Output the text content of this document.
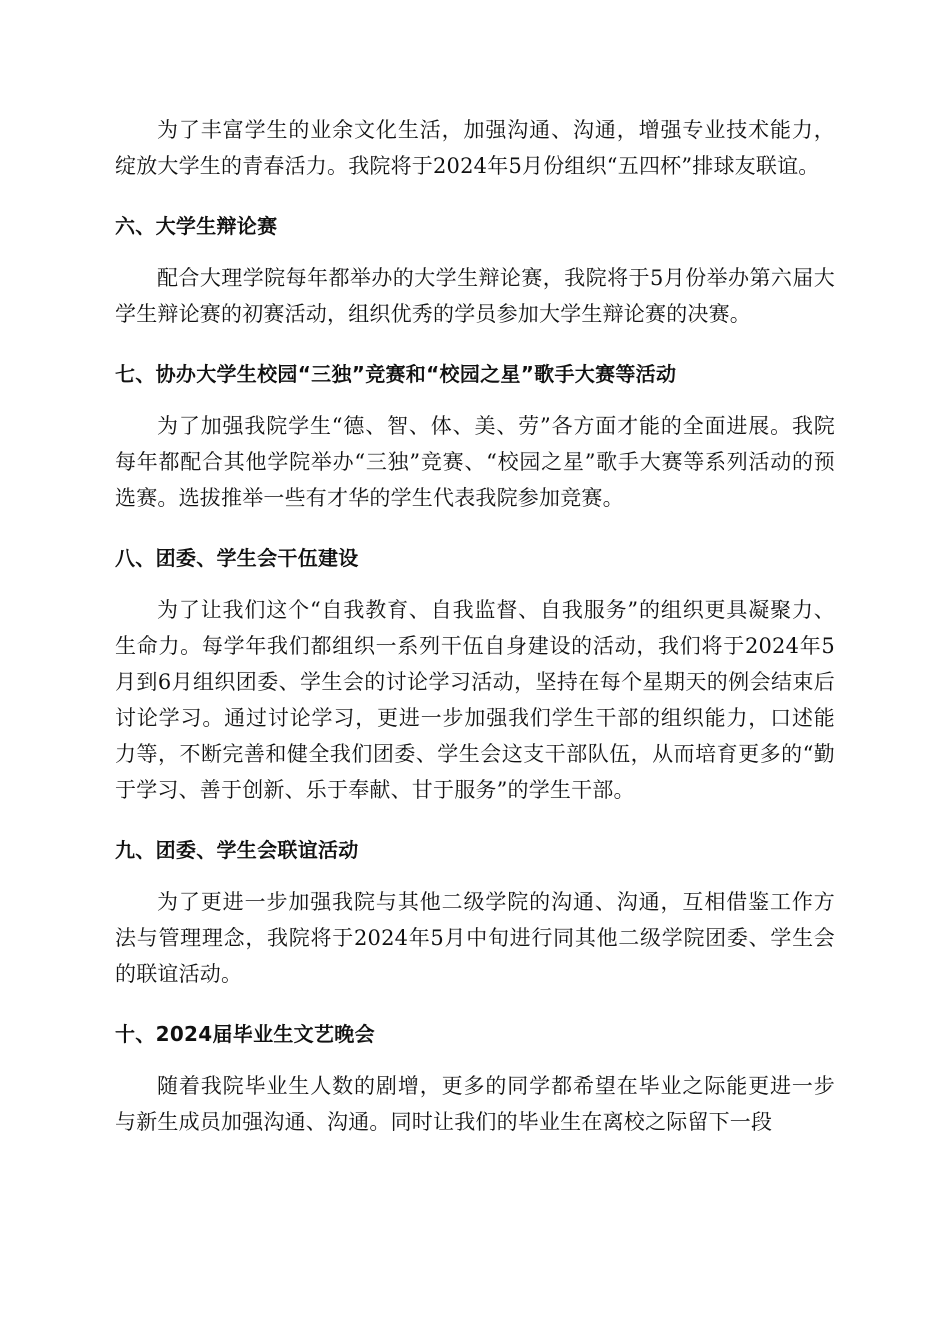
为了丰富学生的业余文化生活，加强沟通、沟通，增强专业技术能力，绽放大学生的青春活力。我院将于2024年5月份组织“五四杯”排球友联谊。

六、大学生辩论赛

配合大理学院每年都举办的大学生辩论赛，我院将于5月份举办第六届大学生辩论赛的初赛活动，组织优秀的学员参加大学生辩论赛的决赛。

七、协办大学生校园“三独”竞赛和“校园之星”歌手大赛等活动

为了加强我院学生“德、智、体、美、劳”各方面才能的全面进展。我院每年都配合其他学院举办“三独”竞赛、“校园之星”歌手大赛等系列活动的预选赛。选拔推举一些有才华的学生代表我院参加竞赛。

八、团委、学生会干伍建设

为了让我们这个“自我教育、自我监督、自我服务”的组织更具凝聚力、生命力。每学年我们都组织一系列干伍自身建设的活动，我们将于2024年5月到6月组织团委、学生会的讨论学习活动，坚持在每个星期天的例会结束后讨论学习。通过讨论学习，更进一步加强我们学生干部的组织能力，口述能力等，不断完善和健全我们团委、学生会这支干部队伍，从而培育更多的“勤于学习、善于创新、乐于奉献、甘于服务”的学生干部。

九、团委、学生会联谊活动

为了更进一步加强我院与其他二级学院的沟通、沟通，互相借鉴工作方法与管理理念，我院将于2024年5月中旬进行同其他二级学院团委、学生会的联谊活动。

十、2024届毕业生文艺晚会

随着我院毕业生人数的剧增，更多的同学都希望在毕业之际能更进一步与新生成员加强沟通、沟通。同时让我们的毕业生在离校之际留下一段
